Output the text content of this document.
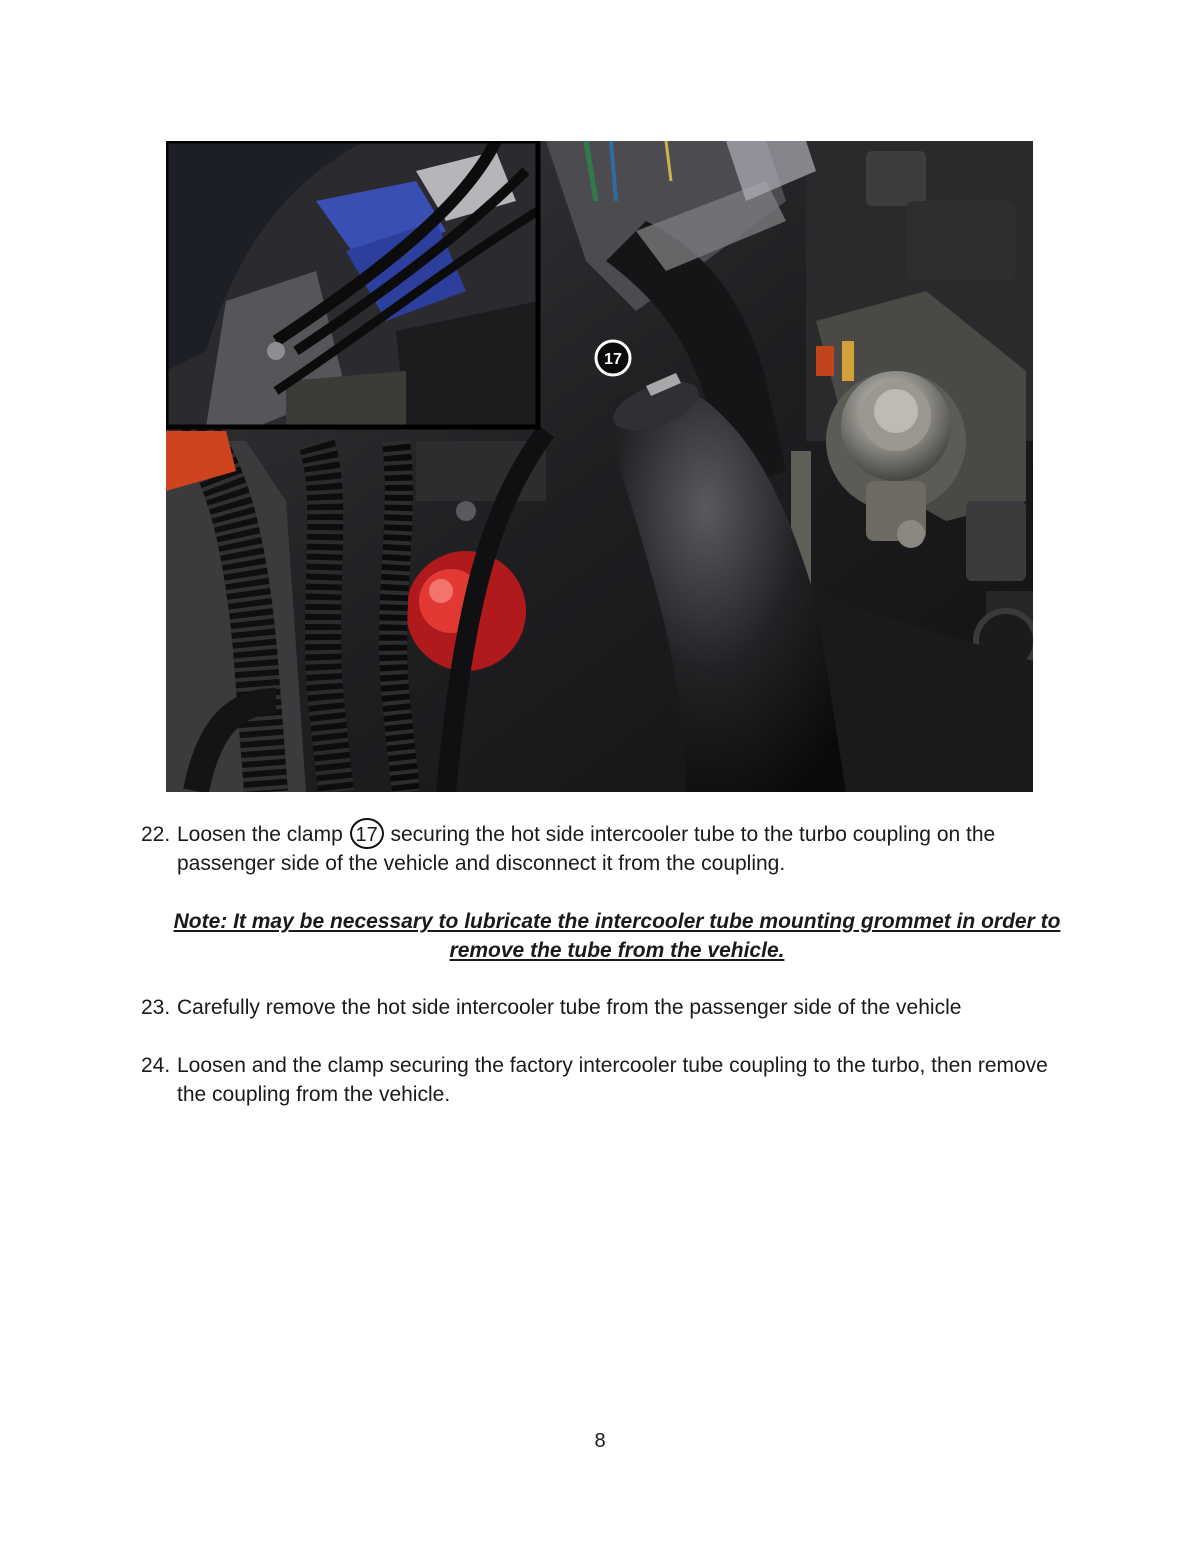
17
22. Loosen the clamp 17 securing the hot side intercooler tube to the turbo coupling on the passenger side of the vehicle and disconnect it from the coupling.
Note: It may be necessary to lubricate the intercooler tube mounting grommet in order to remove the tube from the vehicle.
23. Carefully remove the hot side intercooler tube from the passenger side of the vehicle
24. Loosen and the clamp securing the factory intercooler tube coupling to the turbo, then remove the coupling from the vehicle.
8
